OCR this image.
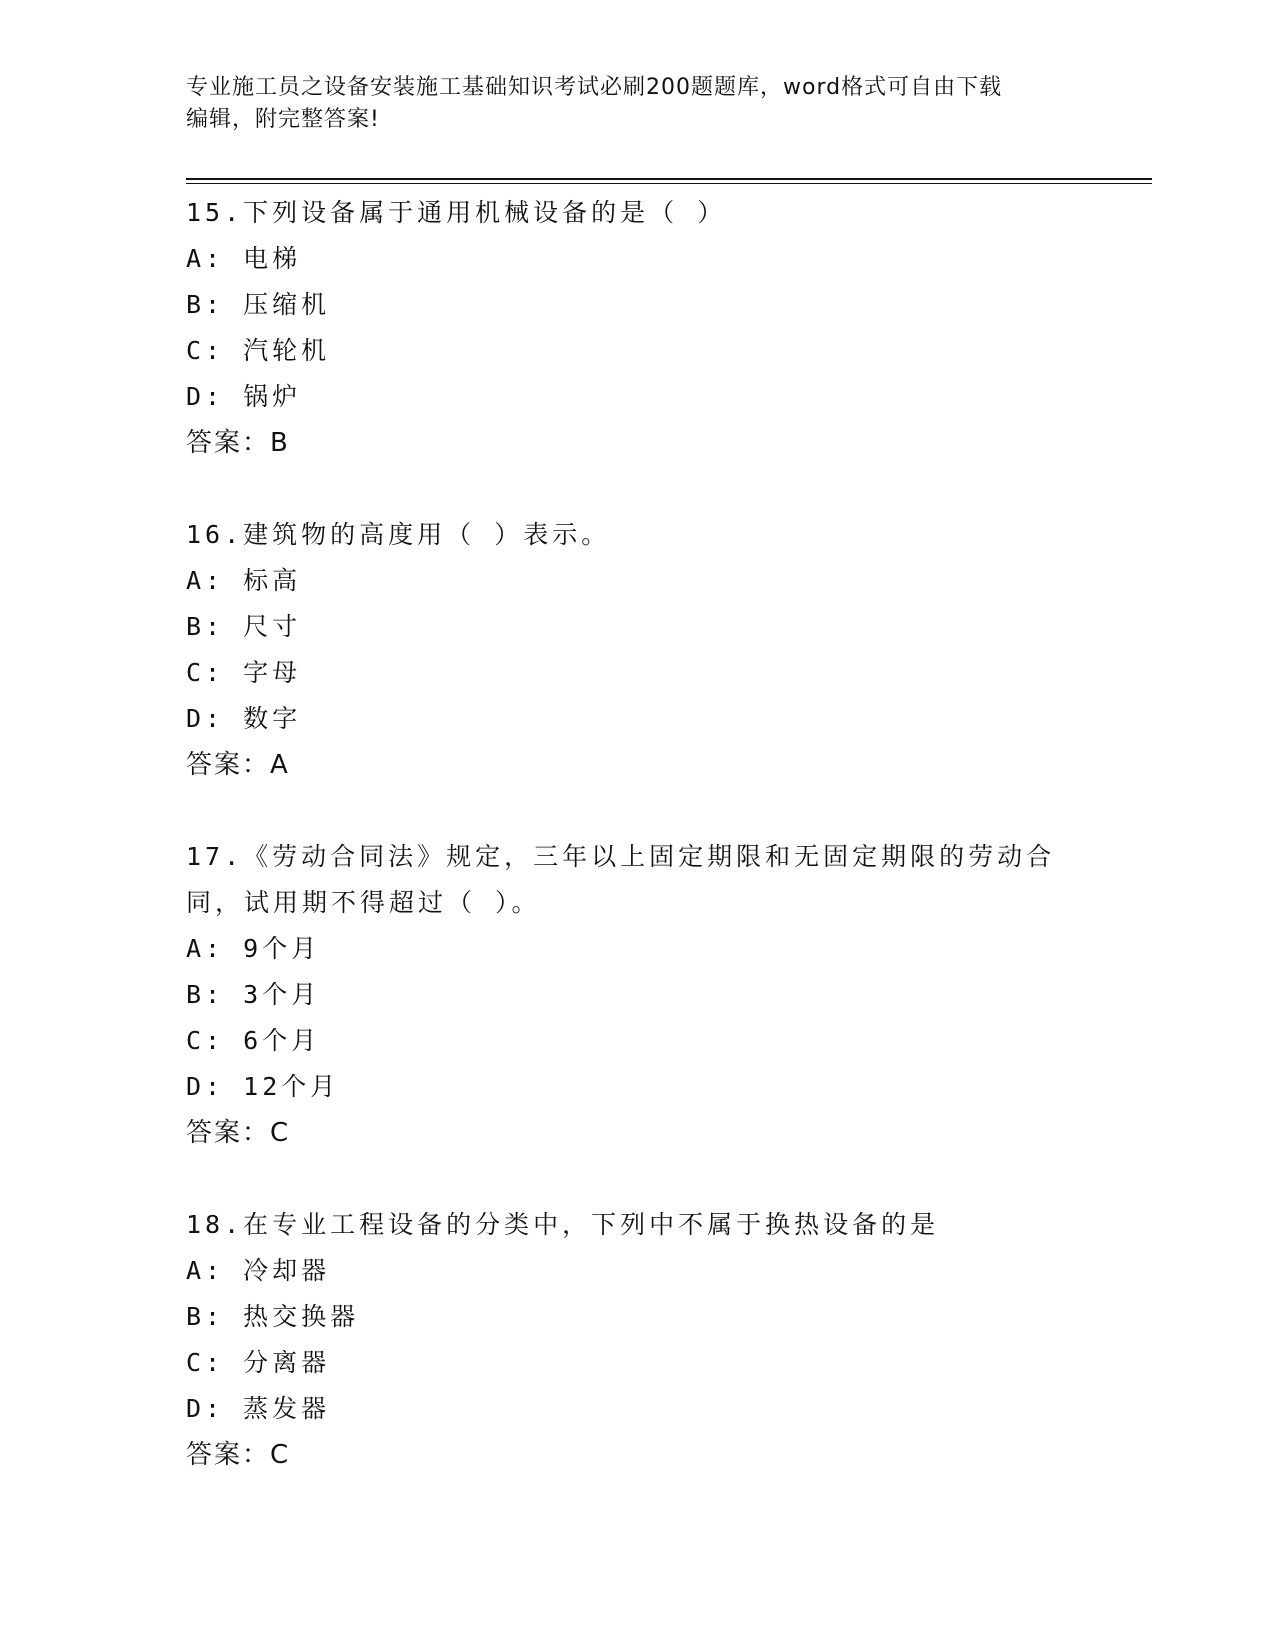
专业施工员之设备安装施工基础知识考试必刷200题题库，word格式可自由下载
编辑，附完整答案!
15.下列设备属于通用机械设备的是（ ）
A: 电梯
B: 压缩机
C: 汽轮机
D: 锅炉
答案：B
16.建筑物的高度用（ ）表示。
A: 标高
B: 尺寸
C: 字母
D: 数字
答案：A
17.《劳动合同法》规定，三年以上固定期限和无固定期限的劳动合同，试用期不得超过（ ）。
A: 9个月
B: 3个月
C: 6个月
D: 12个月
答案：C
18.在专业工程设备的分类中，下列中不属于换热设备的是
A: 冷却器
B: 热交换器
C: 分离器
D: 蒸发器
答案：C
